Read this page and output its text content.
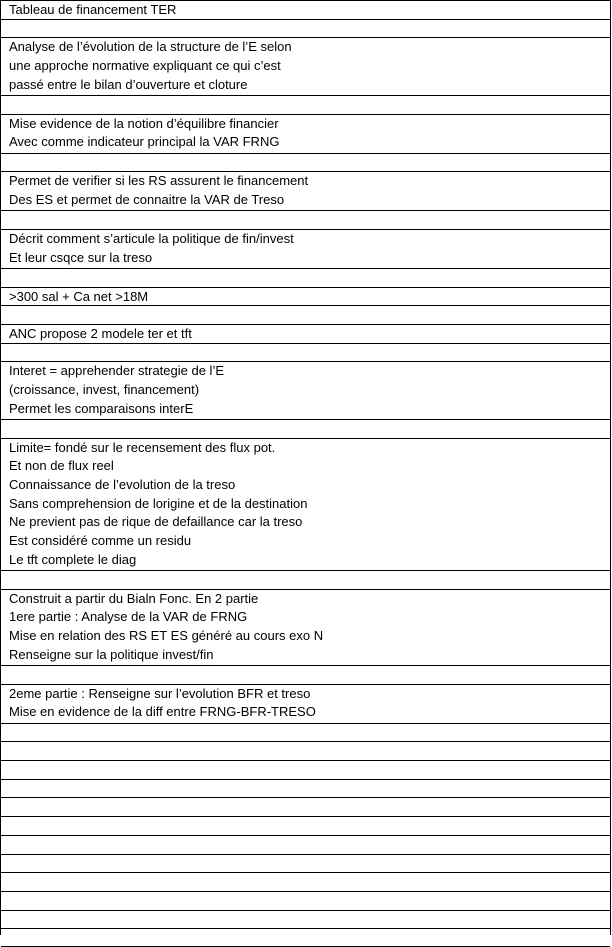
Tableau de financement TER
Analyse de l’évolution de la structure de l’E selon
une approche normative expliquant ce qui c’est
passé entre le bilan d’ouverture et cloture
Mise evidence de la notion d’équilibre financier
Avec comme indicateur principal la VAR FRNG
Permet de verifier si les RS assurent le financement
Des ES et permet de connaitre la VAR de Treso
Décrit comment s’articule la politique de fin/invest
Et leur csqce sur la treso
>300 sal + Ca net >18M
ANC propose 2 modele ter et tft
Interet = apprehender strategie de l’E
(croissance, invest, financement)
Permet les comparaisons interE
Limite= fondé sur le recensement des flux pot.
Et non de flux reel
Connaissance de l’evolution de la treso
Sans comprehension de lorigine et de la destination
Ne previent pas de rique de defaillance car la treso
Est considéré comme un residu
Le tft complete le diag
Construit a partir du Bialn Fonc. En 2 partie
1ere partie : Analyse de la VAR de FRNG
Mise en relation des RS ET ES généré au cours exo N
Renseigne sur la politique invest/fin
2eme partie : Renseigne sur l’evolution BFR et treso
Mise en evidence de la diff entre FRNG-BFR-TRESO
